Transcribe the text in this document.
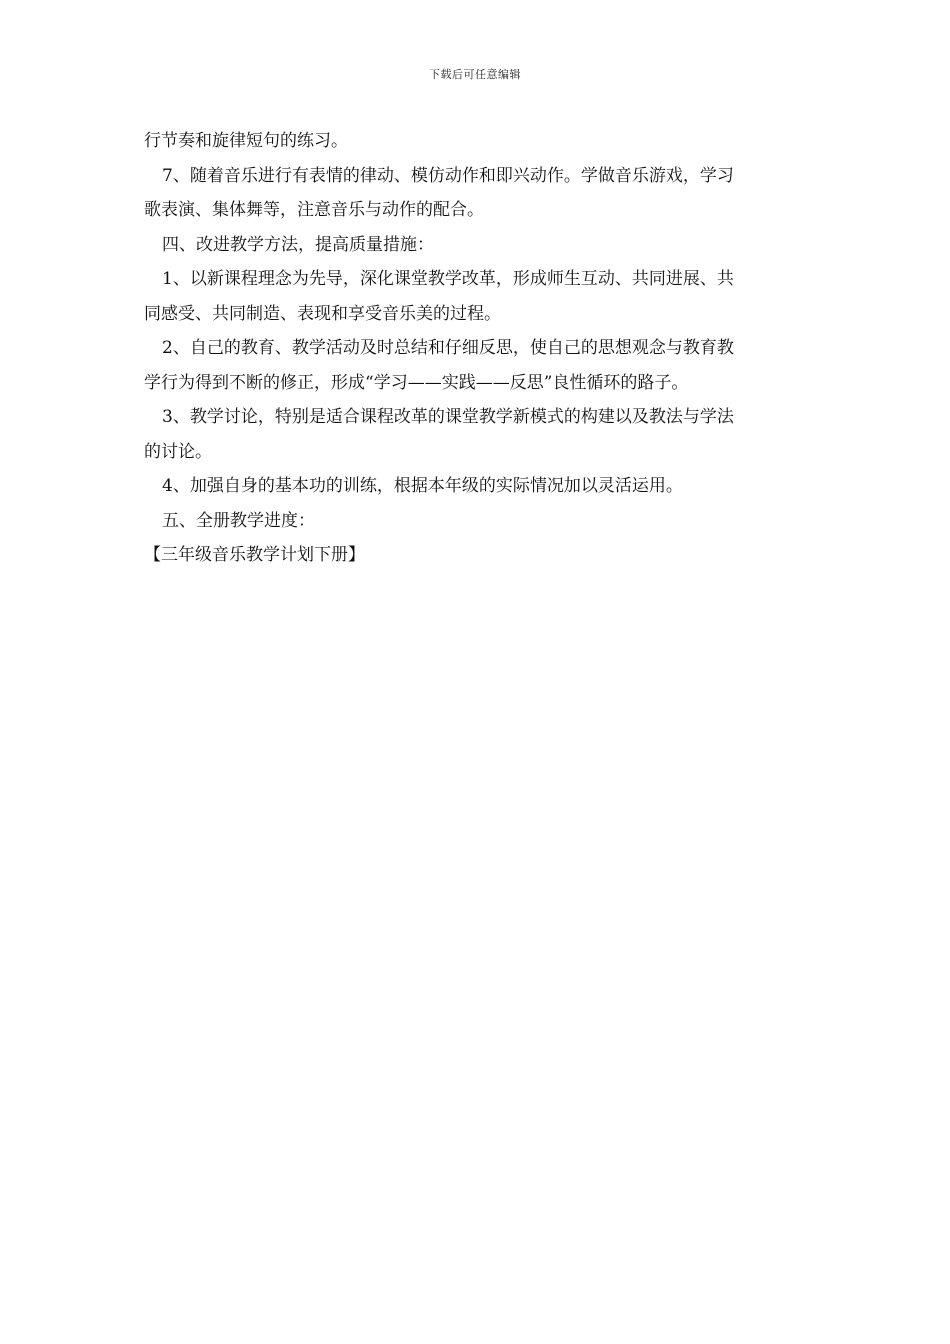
下载后可任意编辑
行节奏和旋律短句的练习。
7、随着音乐进行有表情的律动、模仿动作和即兴动作。学做音乐游戏，学习
歌表演、集体舞等，注意音乐与动作的配合。
四、改进教学方法，提高质量措施：
1、以新课程理念为先导，深化课堂教学改革，形成师生互动、共同进展、共
同感受、共同制造、表现和享受音乐美的过程。
2、自己的教育、教学活动及时总结和仔细反思，使自己的思想观念与教育教
学行为得到不断的修正，形成“学习——实践——反思”良性循环的路子。
3、教学讨论，特别是适合课程改革的课堂教学新模式的构建以及教法与学法
的讨论。
4、加强自身的基本功的训练，根据本年级的实际情况加以灵活运用。
五、全册教学进度：
【三年级音乐教学计划下册】
